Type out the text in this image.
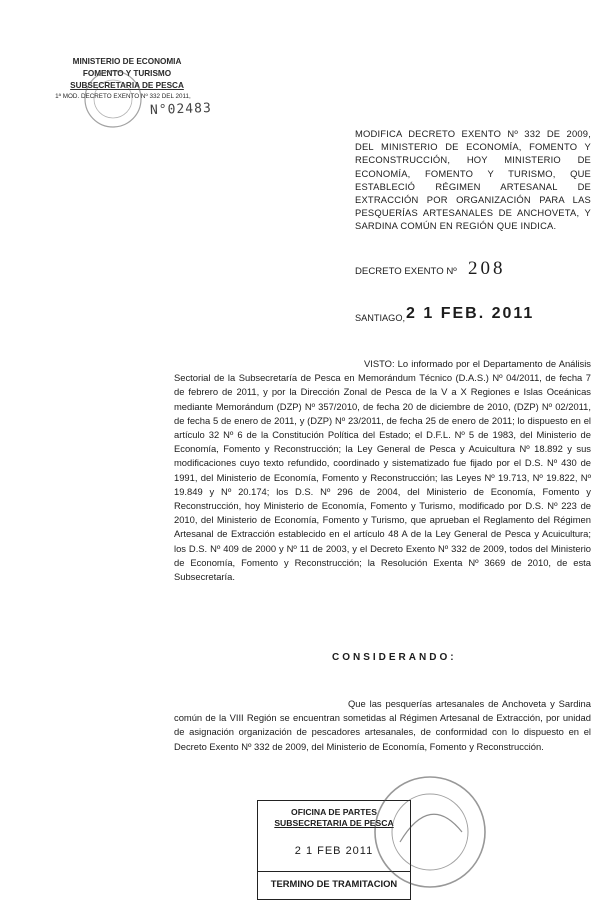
MINISTERIO DE ECONOMIA
FOMENTO Y TURISMO
SUBSECRETARIA DE PESCA
1ª MOD. DECRETO EXENTO Nº 332 DEL 2011,
N°02483
MODIFICA DECRETO EXENTO Nº 332 DE 2009, DEL MINISTERIO DE ECONOMÍA, FOMENTO Y RECONSTRUCCIÓN, HOY MINISTERIO DE ECONOMÍA, FOMENTO Y TURISMO, QUE ESTABLECIÓ RÉGIMEN ARTESANAL DE EXTRACCIÓN POR ORGANIZACIÓN PARA LAS PESQUERÍAS ARTESANALES DE ANCHOVETA, Y SARDINA COMÚN EN REGIÓN QUE INDICA.
DECRETO EXENTO Nº 208
SANTIAGO, 2 1 FEB. 2011
VISTO: Lo informado por el Departamento de Análisis Sectorial de la Subsecretaría de Pesca en Memorándum Técnico (D.A.S.) Nº 04/2011, de fecha 7 de febrero de 2011, y por la Dirección Zonal de Pesca de la V a X Regiones e Islas Oceánicas mediante Memorándum (DZP) Nº 357/2010, de fecha 20 de diciembre de 2010, (DZP) Nº 02/2011, de fecha 5 de enero de 2011, y (DZP) Nº 23/2011, de fecha 25 de enero de 2011; lo dispuesto en el artículo 32 Nº 6 de la Constitución Política del Estado; el D.F.L. Nº 5 de 1983, del Ministerio de Economía, Fomento y Reconstrucción; la Ley General de Pesca y Acuicultura Nº 18.892 y sus modificaciones cuyo texto refundido, coordinado y sistematizado fue fijado por el D.S. Nº 430 de 1991, del Ministerio de Economía, Fomento y Reconstrucción; las Leyes Nº 19.713, Nº 19.822, Nº 19.849 y Nº 20.174; los D.S. Nº 296 de 2004, del Ministerio de Economía, Fomento y Reconstrucción, hoy Ministerio de Economía, Fomento y Turismo, modificado por D.S. Nº 223 de 2010, del Ministerio de Economía, Fomento y Turismo, que aprueban el Reglamento del Régimen Artesanal de Extracción establecido en el artículo 48 A de la Ley General de Pesca y Acuicultura; los D.S. Nº 409 de 2000 y Nº 11 de 2003, y el Decreto Exento Nº 332 de 2009, todos del Ministerio de Economía, Fomento y Reconstrucción; la Resolución Exenta Nº 3669 de 2010, de esta Subsecretaría.
CONSIDERANDO:
Que las pesquerías artesanales de Anchoveta y Sardina común de la VIII Región se encuentran sometidas al Régimen Artesanal de Extracción, por unidad de asignación organización de pescadores artesanales, de conformidad con lo dispuesto en el Decreto Exento Nº 332 de 2009, del Ministerio de Economía, Fomento y Reconstrucción.
OFICINA DE PARTES
SUBSECRETARIA DE PESCA
2 1 FEB 2011
TERMINO DE TRAMITACION
